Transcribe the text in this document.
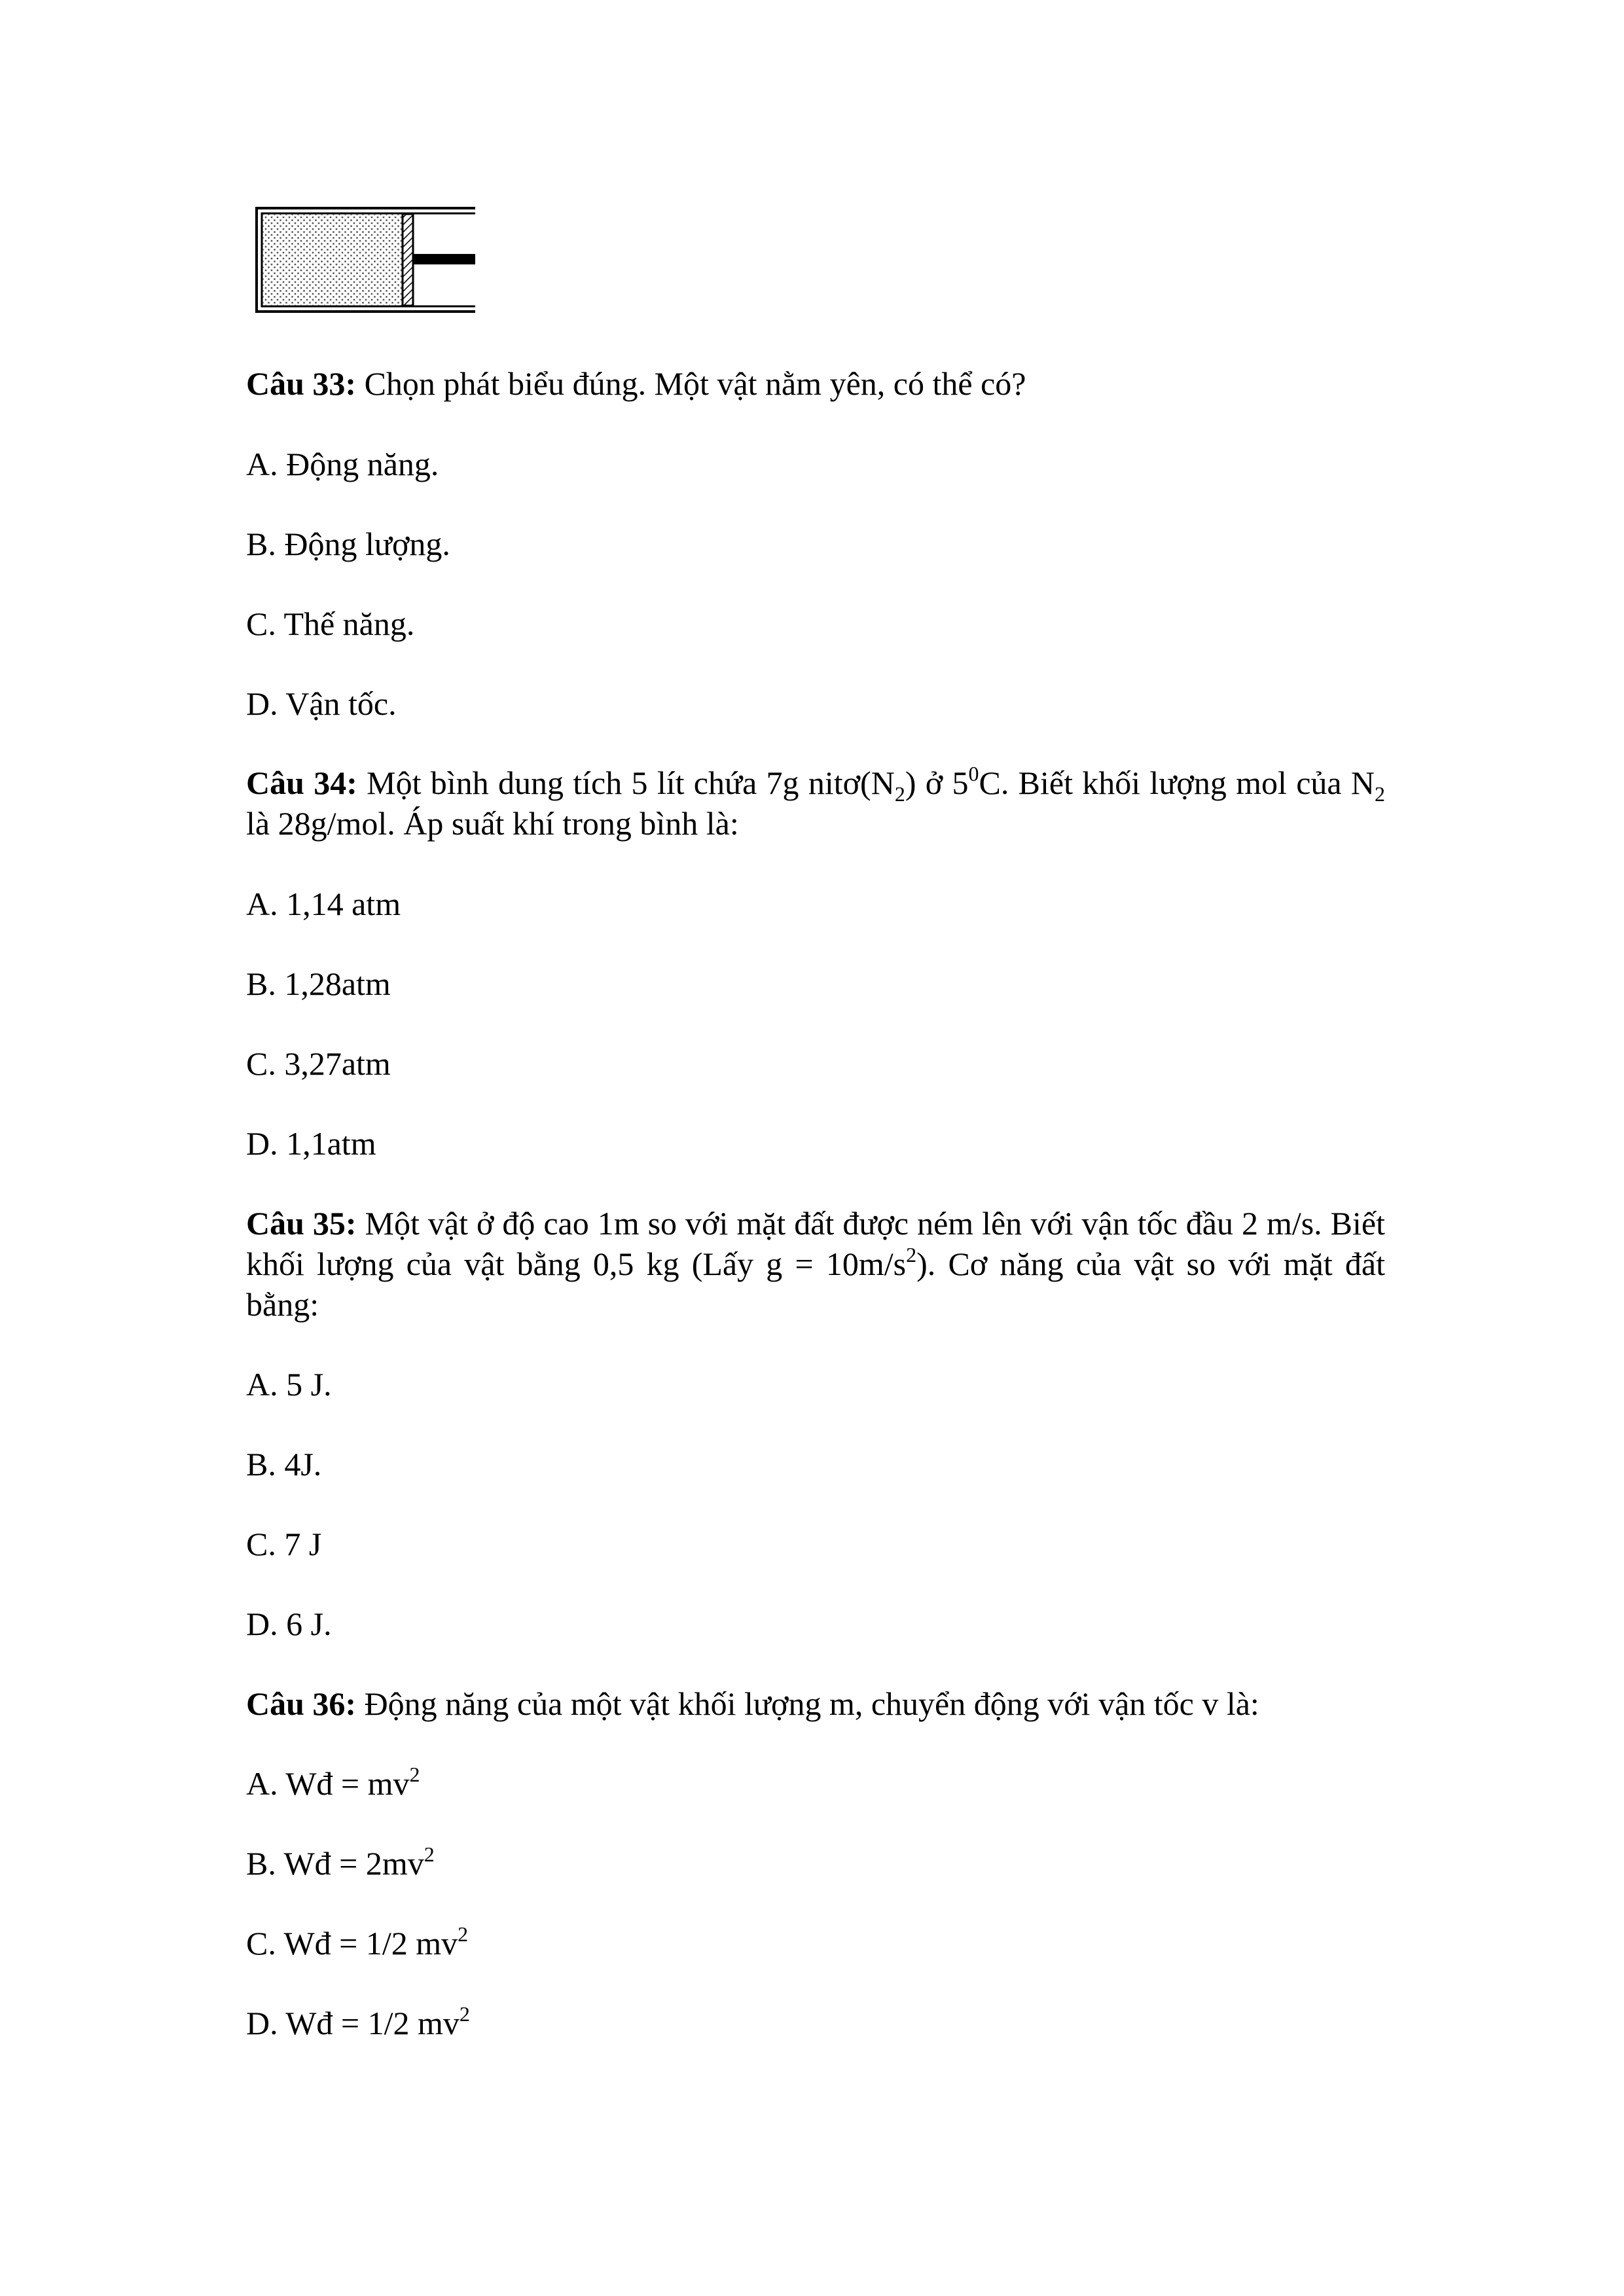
Câu 33: Chọn phát biểu đúng. Một vật nằm yên, có thể có?

A. Động năng.

B. Động lượng.

C. Thế năng.

D. Vận tốc.

Câu 34: Một bình dung tích 5 lít chứa 7g $nitơ(N_2)$ ở $5^0C$. Biết khối lượng mol của $N_2$ là 28g/mol. Áp suất khí trong bình là:

A. 1,14 atm

B. 1,28atm

C. 3,27atm

D. 1,1atm

Câu 35: Một vật ở độ cao 1m so với mặt đất được ném lên với vận tốc đầu 2 m/s. Biết khối lượng của vật bằng 0,5 kg (Lấy $g = 10m/s^2$). Cơ năng của vật so với mặt đất bằng:

A. 5 J.

B. 4J.

C. 7 J

D. 6 J.

Câu 36: Động năng của một vật khối lượng m, chuyển động với vận tốc v là:

A. Wđ = $mv^2$

B. Wđ = $2mv^2$

C. Wđ = 1/2 $mv^2$

D. Wđ = 1/2 $mv^2$
